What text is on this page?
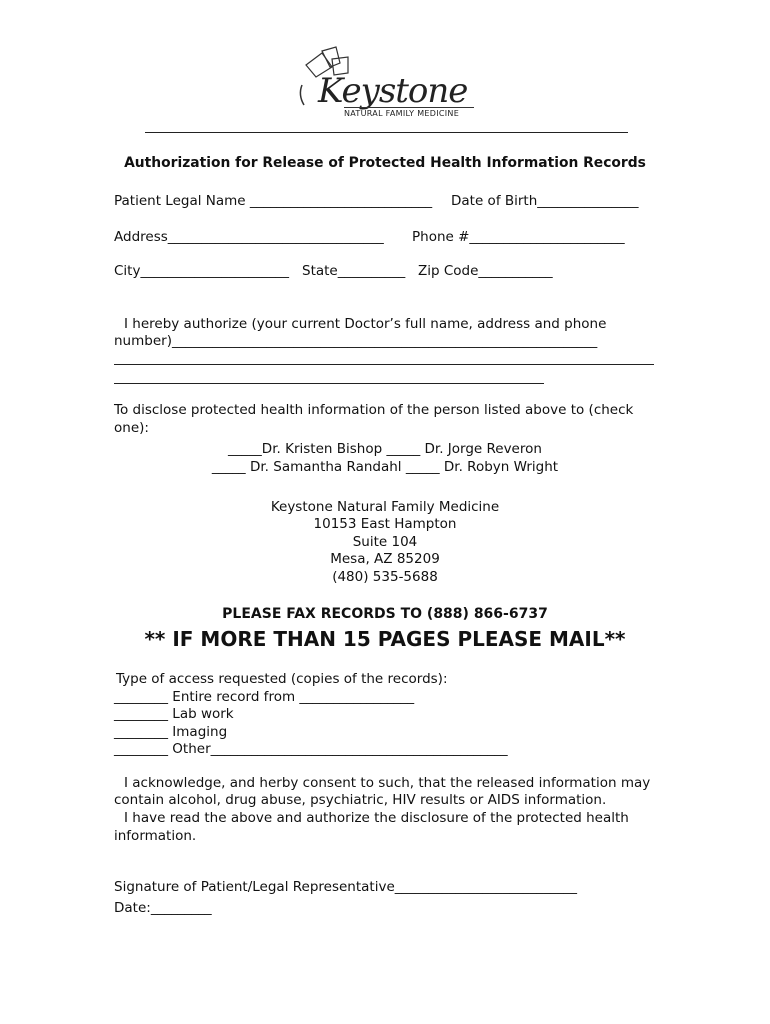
Keystone
NATURAL FAMILY MEDICINE
Authorization for Release of Protected Health Information Records
Patient Legal Name ___________________________ Date of Birth_______________
Address________________________________ Phone #_______________________
City______________________ State__________ Zip Code___________
I hereby authorize (your current Doctor’s full name, address and phone
number)_______________________________________________________________
To disclose protected health information of the person listed above to (check
one):
_____Dr. Kristen Bishop _____ Dr. Jorge Reveron
_____ Dr. Samantha Randahl _____ Dr. Robyn Wright
Keystone Natural Family Medicine
10153 East Hampton
Suite 104
Mesa, AZ 85209
(480) 535-5688
PLEASE FAX RECORDS TO (888) 866-6737
** IF MORE THAN 15 PAGES PLEASE MAIL**
Type of access requested (copies of the records):
________ Entire record from _________________
________ Lab work
________ Imaging
________ Other____________________________________________
I acknowledge, and herby consent to such, that the released information may
contain alcohol, drug abuse, psychiatric, HIV results or AIDS information.
I have read the above and authorize the disclosure of the protected health
information.
Signature of Patient/Legal Representative___________________________
Date:_________
